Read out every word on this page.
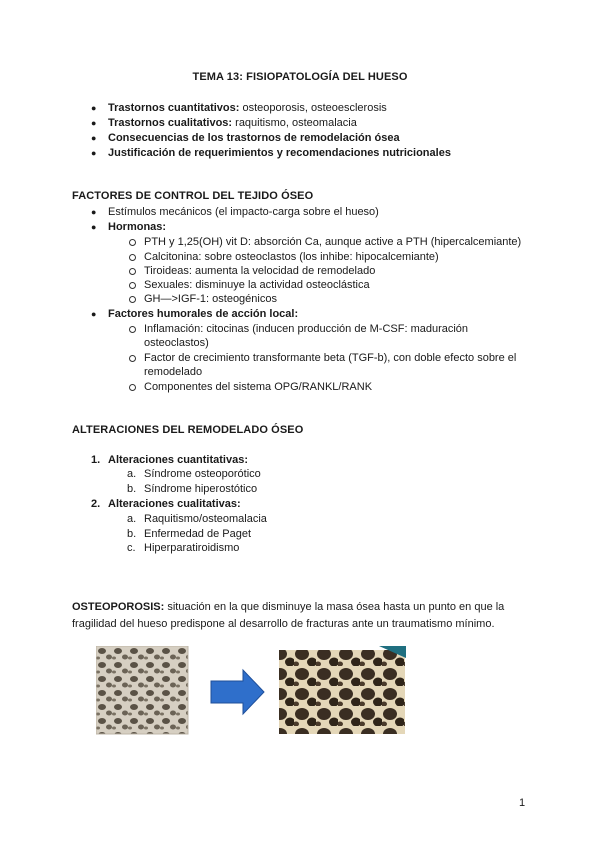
TEMA 13: FISIOPATOLOGÍA DEL HUESO
● Trastornos cuantitativos: osteoporosis, osteoesclerosis
● Trastornos cualitativos: raquitismo, osteomalacia
● Consecuencias de los trastornos de remodelación ósea
● Justificación de requerimientos y recomendaciones nutricionales
FACTORES DE CONTROL DEL TEJIDO ÓSEO
● Estímulos mecánicos (el impacto-carga sobre el hueso)
● Hormonas:
PTH y 1,25(OH) vit D: absorción Ca, aunque active a PTH (hipercalcemiante)
Calcitonina: sobre osteoclastos (los inhibe: hipocalcemiante)
Tiroideas: aumenta la velocidad de remodelado
Sexuales: disminuye la actividad osteoclástica
GH—>IGF-1: osteogénicos
● Factores humorales de acción local:
Inflamación: citocinas (inducen producción de M-CSF: maduración osteoclastos)
Factor de crecimiento transformante beta (TGF-b), con doble efecto sobre el remodelado
Componentes del sistema OPG/RANKL/RANK
ALTERACIONES DEL REMODELADO ÓSEO
1. Alteraciones cuantitativas:
a. Síndrome osteoporótico
b. Síndrome hiperostótico
2. Alteraciones cualitativas:
a. Raquitismo/osteomalacia
b. Enfermedad de Paget
c. Hiperparatiroidismo
OSTEOPOROSIS: situación en la que disminuye la masa ósea hasta un punto en que la fragilidad del hueso predispone al desarrollo de fracturas ante un traumatismo mínimo.
1
